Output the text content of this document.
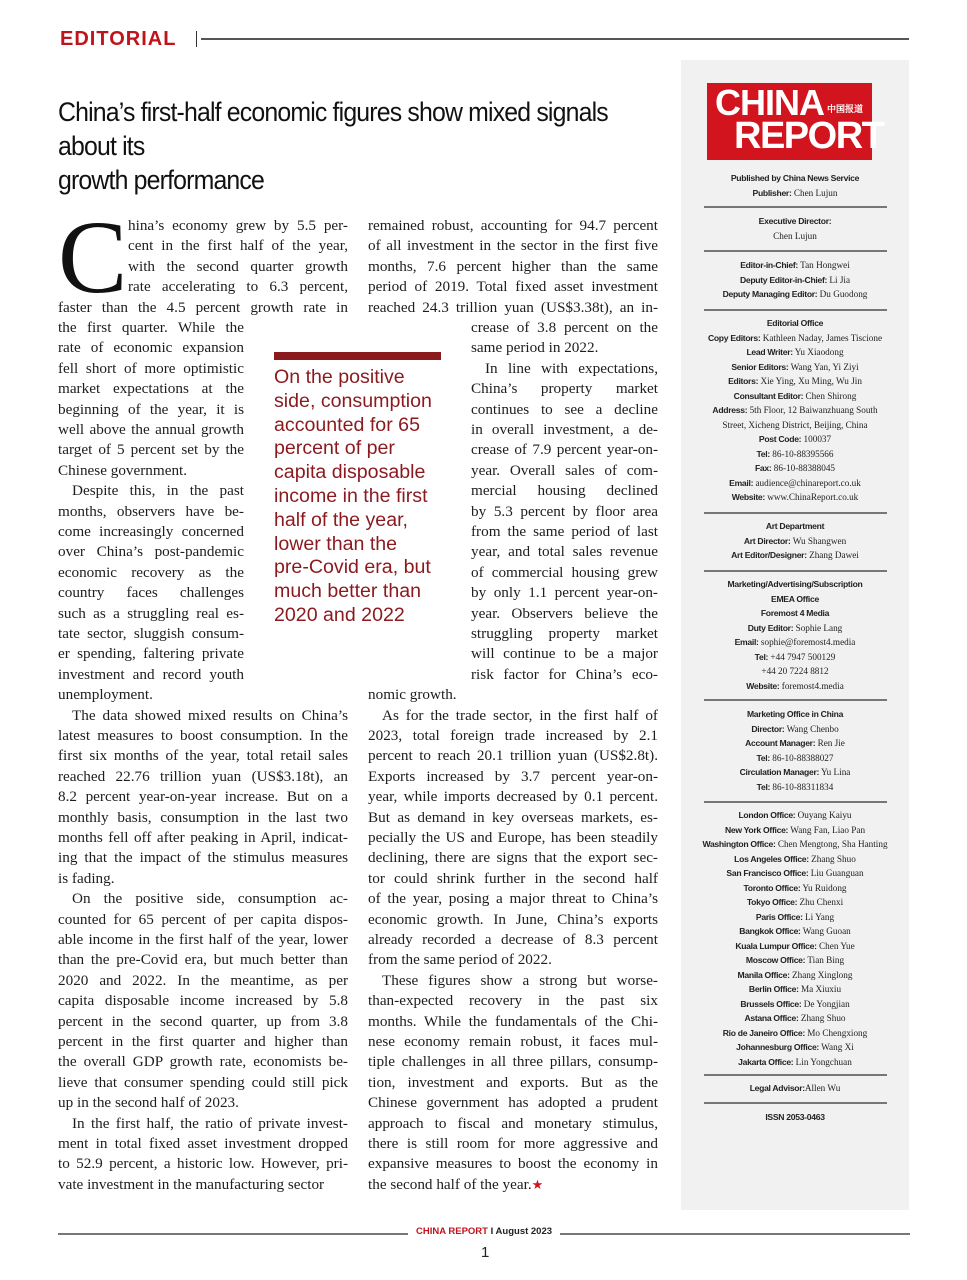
EDITORIAL
China’s first-half economic figures show mixed signals about its
growth performance
C hina’s economy grew by 5.5 per-
cent in the first half of the year,
with the second quarter growth
rate accelerating to 6.3 percent,
faster than the 4.5 percent growth rate in
the first quarter. While the
rate of economic expansion
fell short of more optimistic
market expectations at the
beginning of the year, it is
well above the annual growth
target of 5 percent set by the
Chinese government.
Despite this, in the past
months, observers have be-
come increasingly concerned
over China’s post-pandemic
economic recovery as the
country faces challenges
such as a struggling real es-
tate sector, sluggish consum-
er spending, faltering private
investment and record youth
unemployment.
The data showed mixed results on China’s
latest measures to boost consumption. In the
first six months of the year, total retail sales
reached 22.76 trillion yuan (US$3.18t), an
8.2 percent year-on-year increase. But on a
monthly basis, consumption in the last two
months fell off after peaking in April, indicat-
ing that the impact of the stimulus measures
is fading.
On the positive side, consumption ac-
counted for 65 percent of per capita dispos-
able income in the first half of the year, lower
than the pre-Covid era, but much better than
2020 and 2022. In the meantime, as per
capita disposable income increased by 5.8
percent in the second quarter, up from 3.8
percent in the first quarter and higher than
the overall GDP growth rate, economists be-
lieve that consumer spending could still pick
up in the second half of 2023.
In the first half, the ratio of private invest-
ment in total fixed asset investment dropped
to 52.9 percent, a historic low. However, pri-
vate investment in the manufacturing sector
remained robust, accounting for 94.7 percent
of all investment in the sector in the first five
months, 7.6 percent higher than the same
period of 2019. Total fixed asset investment
reached 24.3 trillion yuan (US$3.38t), an in-
crease of 3.8 percent on the
same period in 2022.
In line with expectations,
China’s property market
continues to see a decline
in overall investment, a de-
crease of 7.9 percent year-on-
year. Overall sales of com-
mercial housing declined
by 5.3 percent by floor area
from the same period of last
year, and total sales revenue
of commercial housing grew
by only 1.1 percent year-on-
year. Observers believe the
struggling property market
will continue to be a major
risk factor for China’s eco-
nomic growth.
As for the trade sector, in the first half of
2023, total foreign trade increased by 2.1
percent to reach 20.1 trillion yuan (US$2.8t).
Exports increased by 3.7 percent year-on-
year, while imports decreased by 0.1 percent.
But as demand in key overseas markets, es-
pecially the US and Europe, has been steadily
declining, there are signs that the export sec-
tor could shrink further in the second half
of the year, posing a major threat to China’s
economic growth. In June, China’s exports
already recorded a decrease of 8.3 percent
from the same period of 2022.
These figures show a strong but worse-
than-expected recovery in the past six
months. While the fundamentals of the Chi-
nese economy remain robust, it faces mul-
tiple challenges in all three pillars, consump-
tion, investment and exports. But as the
Chinese government has adopted a prudent
approach to fiscal and monetary stimulus,
there is still room for more aggressive and
expansive measures to boost the economy in
the second half of the year.★
On the positive
side, consumption
accounted for 65
percent of per
capita disposable
income in the first
half of the year,
lower than the
pre-Covid era, but
much better than
2020 and 2022
CHINA 中国报道
REPORT
Published by China News Service
Publisher: Chen Lujun
Executive Director:
Chen Lujun
Editor-in-Chief: Tan Hongwei
Deputy Editor-in-Chief: Li Jia
Deputy Managing Editor: Du Guodong
Editorial Office
Copy Editors: Kathleen Naday, James Tiscione
Lead Writer: Yu Xiaodong
Senior Editors: Wang Yan, Yi Ziyi
Editors: Xie Ying, Xu Ming, Wu Jin
Consultant Editor: Chen Shirong
Address: 5th Floor, 12 Baiwanzhuang South
Street, Xicheng District, Beijing, China
Post Code: 100037
Tel: 86-10-88395566
Fax: 86-10-88388045
Email: audience@chinareport.co.uk
Website: www.ChinaReport.co.uk
Art Department
Art Director: Wu Shangwen
Art Editor/Designer: Zhang Dawei
Marketing/Advertising/Subscription
EMEA Office
Foremost 4 Media
Duty Editor: Sophie Lang
Email: sophie@foremost4.media
Tel: +44 7947 500129
+44 20 7224 8812
Website: foremost4.media
Marketing Office in China
Director: Wang Chenbo
Account Manager: Ren Jie
Tel: 86-10-88388027
Circulation Manager: Yu Lina
Tel: 86-10-88311834
London Office: Ouyang Kaiyu
New York Office: Wang Fan, Liao Pan
Washington Office: Chen Mengtong, Sha Hanting
Los Angeles Office: Zhang Shuo
San Francisco Office: Liu Guanguan
Toronto Office: Yu Ruidong
Tokyo Office: Zhu Chenxi
Paris Office: Li Yang
Bangkok Office: Wang Guoan
Kuala Lumpur Office: Chen Yue
Moscow Office: Tian Bing
Manila Office: Zhang Xinglong
Berlin Office: Ma Xiuxiu
Brussels Office: De Yongjian
Astana Office: Zhang Shuo
Rio de Janeiro Office: Mo Chengxiong
Johannesburg Office: Wang Xi
Jakarta Office: Lin Yongchuan
Legal Advisor:Allen Wu
ISSN 2053-0463
CHINA REPORT I August 2023
1
